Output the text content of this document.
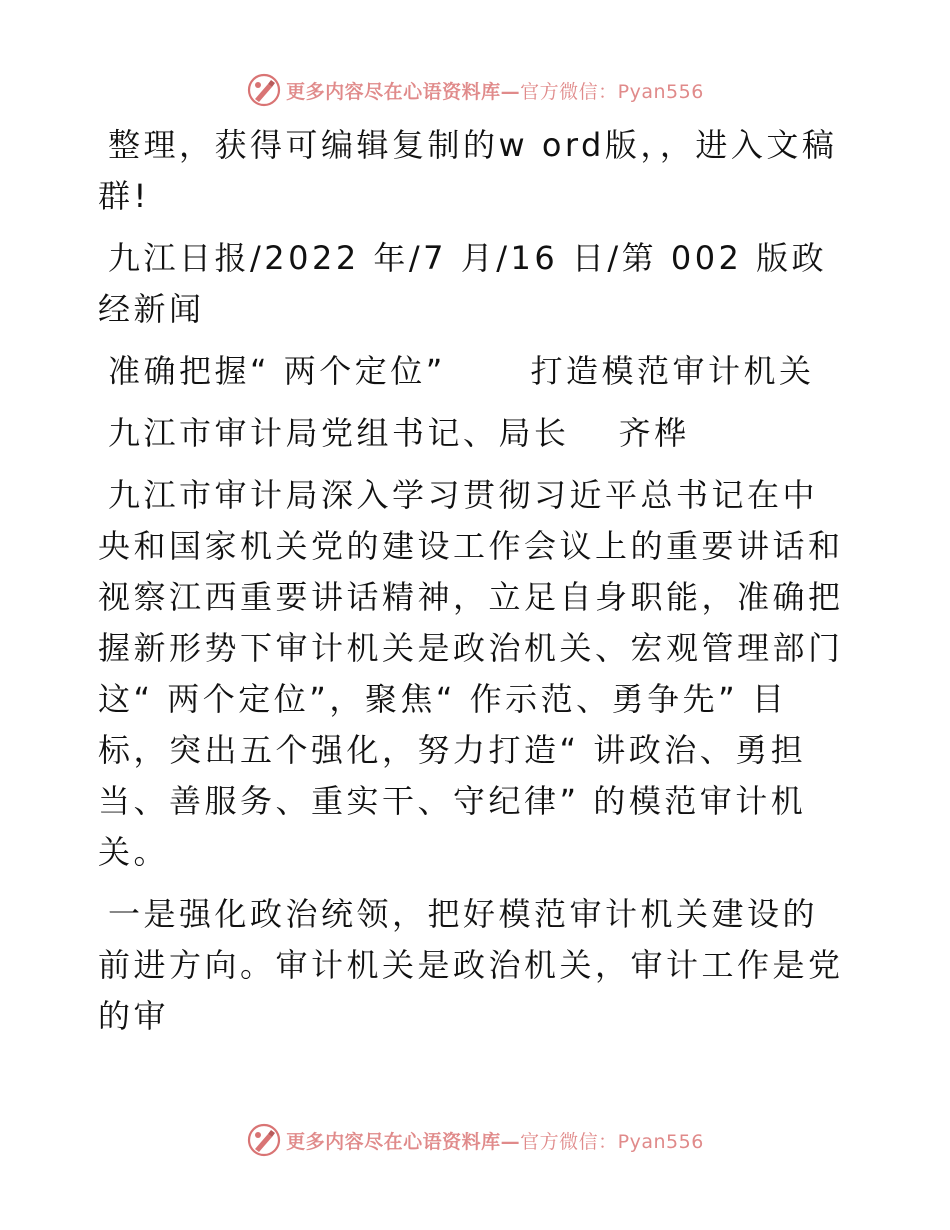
更多内容尽在心语资料库— 官方微信：Pyan556

整理，获得可编辑复制的w ord版，，进入文稿群!

九江日报/2022 年/7 月/16 日/第 002 版政经新闻

准确把握“ 两个定位”　　 打造模范审计机关

九江市审计局党组书记、局长　 齐桦

九江市审计局深入学习贯彻习近平总书记在中央和国家机关党的建设工作会议上的重要讲话和视察江西重要讲话精神，立足自身职能，准确把握新形势下审计机关是政治机关、宏观管理部门这“ 两个定位”，聚焦“ 作示范、勇争先” 目标，突出五个强化，努力打造“ 讲政治、勇担当、善服务、重实干、守纪律” 的模范审计机关。

一是强化政治统领，把好模范审计机关建设的前进方向。审计机关是政治机关，审计工作是党的审

更多内容尽在心语资料库— 官方微信：Pyan556
